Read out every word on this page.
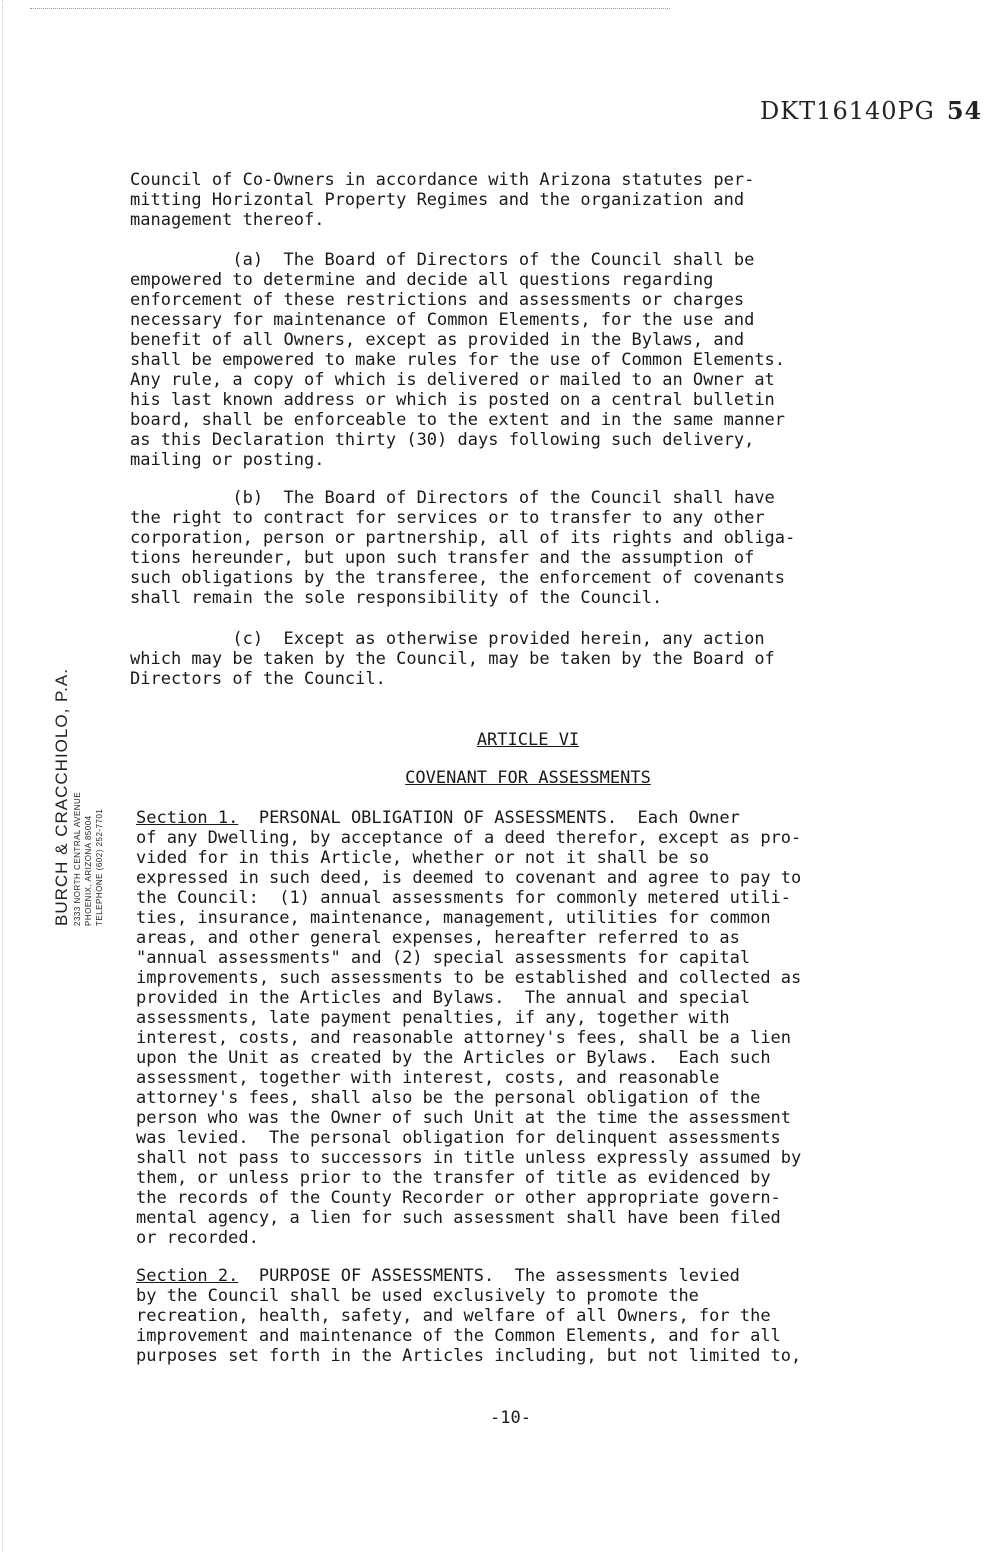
DKT16140PG 54
BURCH & CRACCHIOLO, P.A. 2333 NORTH CENTRAL AVENUE PHOENIX, ARIZONA 85004 TELEPHONE (602) 252-7701
Council of Co-Owners in accordance with Arizona statutes per-
mitting Horizontal Property Regimes and the organization and
management thereof.
(a)  The Board of Directors of the Council shall be
empowered to determine and decide all questions regarding
enforcement of these restrictions and assessments or charges
necessary for maintenance of Common Elements, for the use and
benefit of all Owners, except as provided in the Bylaws, and
shall be empowered to make rules for the use of Common Elements.
Any rule, a copy of which is delivered or mailed to an Owner at
his last known address or which is posted on a central bulletin
board, shall be enforceable to the extent and in the same manner
as this Declaration thirty (30) days following such delivery,
mailing or posting.
(b)  The Board of Directors of the Council shall have
the right to contract for services or to transfer to any other
corporation, person or partnership, all of its rights and obliga-
tions hereunder, but upon such transfer and the assumption of
such obligations by the transferee, the enforcement of covenants
shall remain the sole responsibility of the Council.
(c)  Except as otherwise provided herein, any action
which may be taken by the Council, may be taken by the Board of
Directors of the Council.
ARTICLE VI
COVENANT FOR ASSESSMENTS
Section 1.  PERSONAL OBLIGATION OF ASSESSMENTS.  Each Owner
of any Dwelling, by acceptance of a deed therefor, except as pro-
vided for in this Article, whether or not it shall be so
expressed in such deed, is deemed to covenant and agree to pay to
the Council:  (1) annual assessments for commonly metered utili-
ties, insurance, maintenance, management, utilities for common
areas, and other general expenses, hereafter referred to as
"annual assessments" and (2) special assessments for capital
improvements, such assessments to be established and collected as
provided in the Articles and Bylaws.  The annual and special
assessments, late payment penalties, if any, together with
interest, costs, and reasonable attorney's fees, shall be a lien
upon the Unit as created by the Articles or Bylaws.  Each such
assessment, together with interest, costs, and reasonable
attorney's fees, shall also be the personal obligation of the
person who was the Owner of such Unit at the time the assessment
was levied.  The personal obligation for delinquent assessments
shall not pass to successors in title unless expressly assumed by
them, or unless prior to the transfer of title as evidenced by
the records of the County Recorder or other appropriate govern-
mental agency, a lien for such assessment shall have been filed
or recorded.
Section 2.  PURPOSE OF ASSESSMENTS.  The assessments levied
by the Council shall be used exclusively to promote the
recreation, health, safety, and welfare of all Owners, for the
improvement and maintenance of the Common Elements, and for all
purposes set forth in the Articles including, but not limited to,
-10-
